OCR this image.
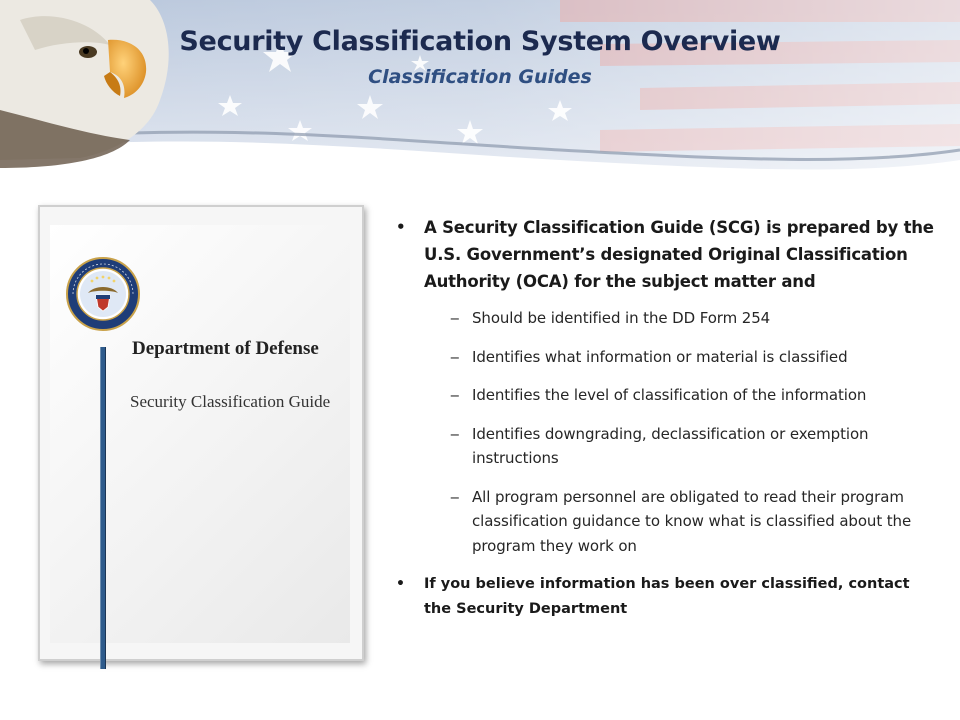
Security Classification System Overview
Classification Guides
Department of Defense
Security Classification Guide
• A Security Classification Guide (SCG) is prepared by the U.S. Government’s designated Original Classification Authority (OCA) for the subject matter and
‒ Should be identified in the DD Form 254
‒ Identifies what information or material is classified
‒ Identifies the level of classification of the information
‒ Identifies downgrading, declassification or exemption instructions
‒ All program personnel are obligated to read their program classification guidance to know what is classified about the program they work on
• If you believe information has been over classified, contact the Security Department
